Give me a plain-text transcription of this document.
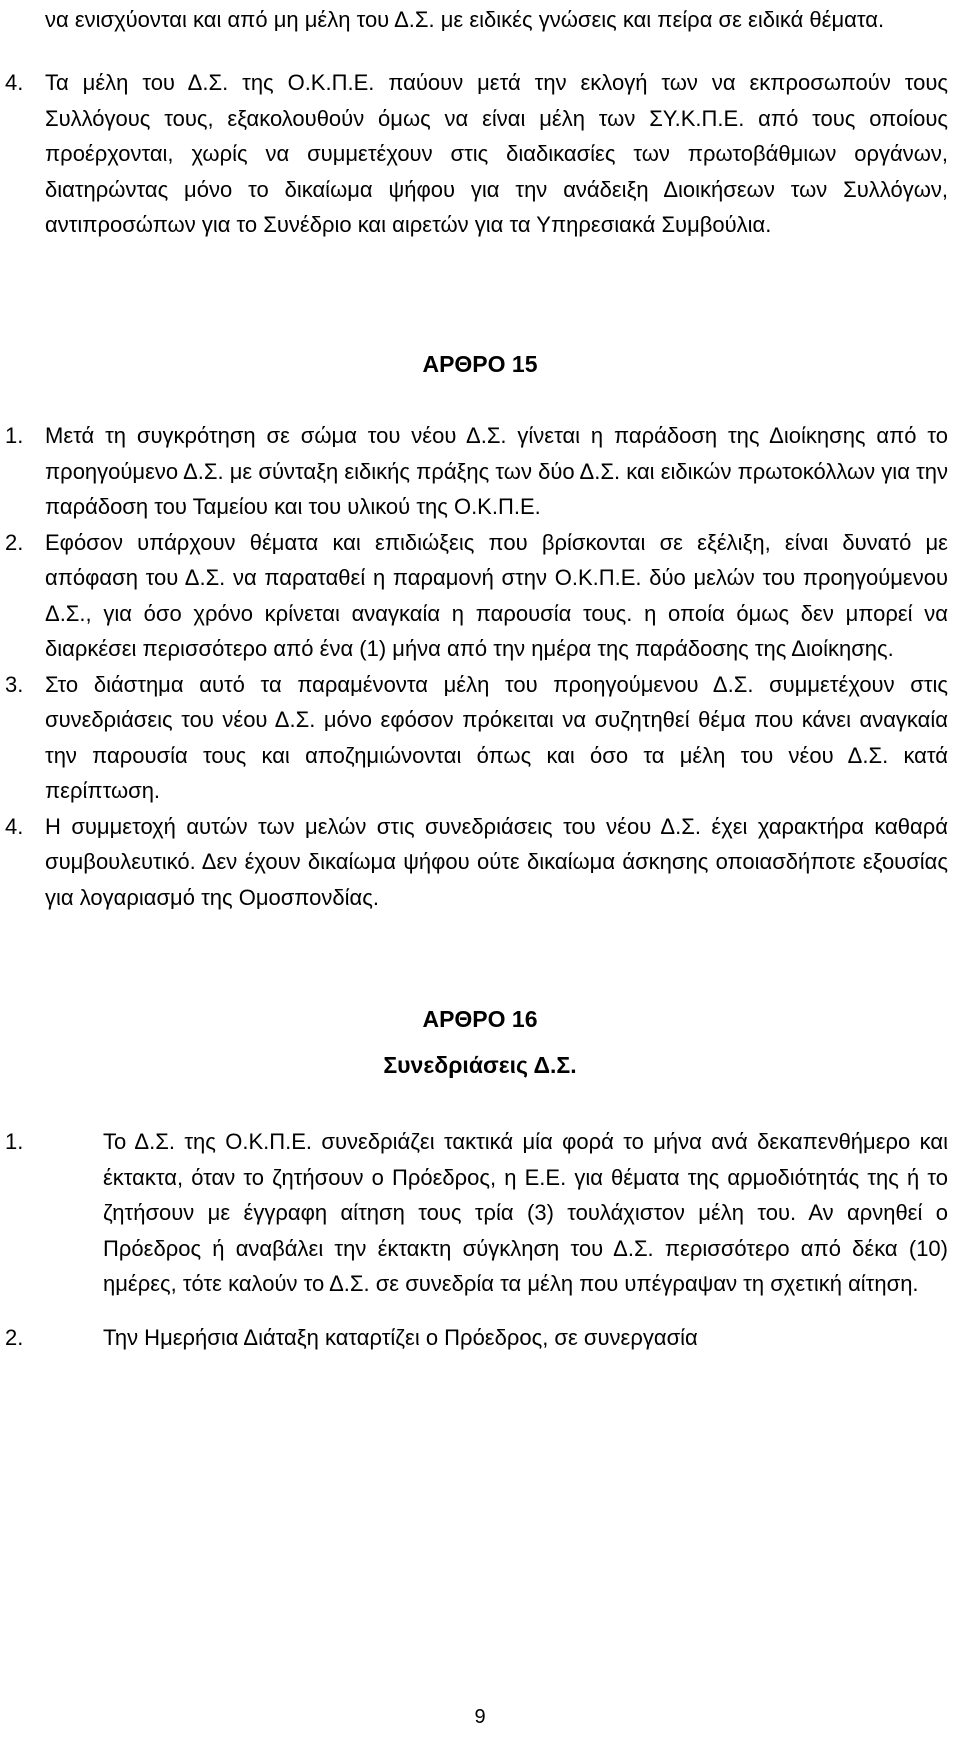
να ενισχύονται και από μη μέλη του Δ.Σ. με ειδικές γνώσεις και πείρα σε ειδικά θέματα.

4. Τα μέλη του Δ.Σ. της Ο.Κ.Π.Ε. παύουν μετά την εκλογή των να εκπροσωπούν τους Συλλόγους τους, εξακολουθούν όμως να είναι μέλη των ΣΥ.Κ.Π.Ε. από τους οποίους προέρχονται, χωρίς να συμμετέχουν στις διαδικασίες των πρωτοβάθμιων οργάνων, διατηρώντας μόνο το δικαίωμα ψήφου για την ανάδειξη Διοικήσεων των Συλλόγων, αντιπροσώπων για το Συνέδριο και αιρετών για τα Υπηρεσιακά Συμβούλια.

ΑΡΘΡΟ 15
1. Μετά τη συγκρότηση σε σώμα του νέου Δ.Σ. γίνεται η παράδοση της Διοίκησης από το προηγούμενο Δ.Σ. με σύνταξη ειδικής πράξης των δύο Δ.Σ. και ειδικών πρωτοκόλλων για την παράδοση του Ταμείου και του υλικού της Ο.Κ.Π.Ε.

2. Εφόσον υπάρχουν θέματα και επιδιώξεις που βρίσκονται σε εξέλιξη, είναι δυνατό με απόφαση του Δ.Σ. να παραταθεί η παραμονή στην Ο.Κ.Π.Ε. δύο μελών του προηγούμενου Δ.Σ., για όσο χρόνο κρίνεται αναγκαία η παρουσία τους. η οποία όμως δεν μπορεί να διαρκέσει περισσότερο από ένα (1) μήνα από την ημέρα της παράδοσης της Διοίκησης.

3. Στο διάστημα αυτό τα παραμένοντα μέλη του προηγούμενου Δ.Σ. συμμετέχουν στις συνεδριάσεις του νέου Δ.Σ. μόνο εφόσον πρόκειται να συζητηθεί θέμα που κάνει αναγκαία την παρουσία τους και αποζημιώνονται όπως και όσο τα μέλη του νέου Δ.Σ. κατά περίπτωση.

4. Η συμμετοχή αυτών των μελών στις συνεδριάσεις του νέου Δ.Σ. έχει χαρακτήρα καθαρά συμβουλευτικό. Δεν έχουν δικαίωμα ψήφου ούτε δικαίωμα άσκησης οποιασδήποτε εξουσίας για λογαριασμό της Ομοσπονδίας.

ΑΡΘΡΟ 16
Συνεδριάσεις Δ.Σ.
1.	Το Δ.Σ. της Ο.Κ.Π.Ε. συνεδριάζει τακτικά μία φορά το μήνα ανά δεκαπενθήμερο και έκτακτα, όταν το ζητήσουν ο Πρόεδρος, η Ε.Ε. για θέματα της αρμοδιότητάς της ή το ζητήσουν με έγγραφη αίτηση τους τρία (3) τουλάχιστον μέλη του. Αν αρνηθεί ο Πρόεδρος ή αναβάλει την έκτακτη σύγκληση του Δ.Σ. περισσότερο από δέκα (10) ημέρες, τότε καλούν το Δ.Σ. σε συνεδρία τα μέλη που υπέγραψαν τη σχετική αίτηση.

2.	Την Ημερήσια Διάταξη καταρτίζει ο Πρόεδρος, σε συνεργασία

9
